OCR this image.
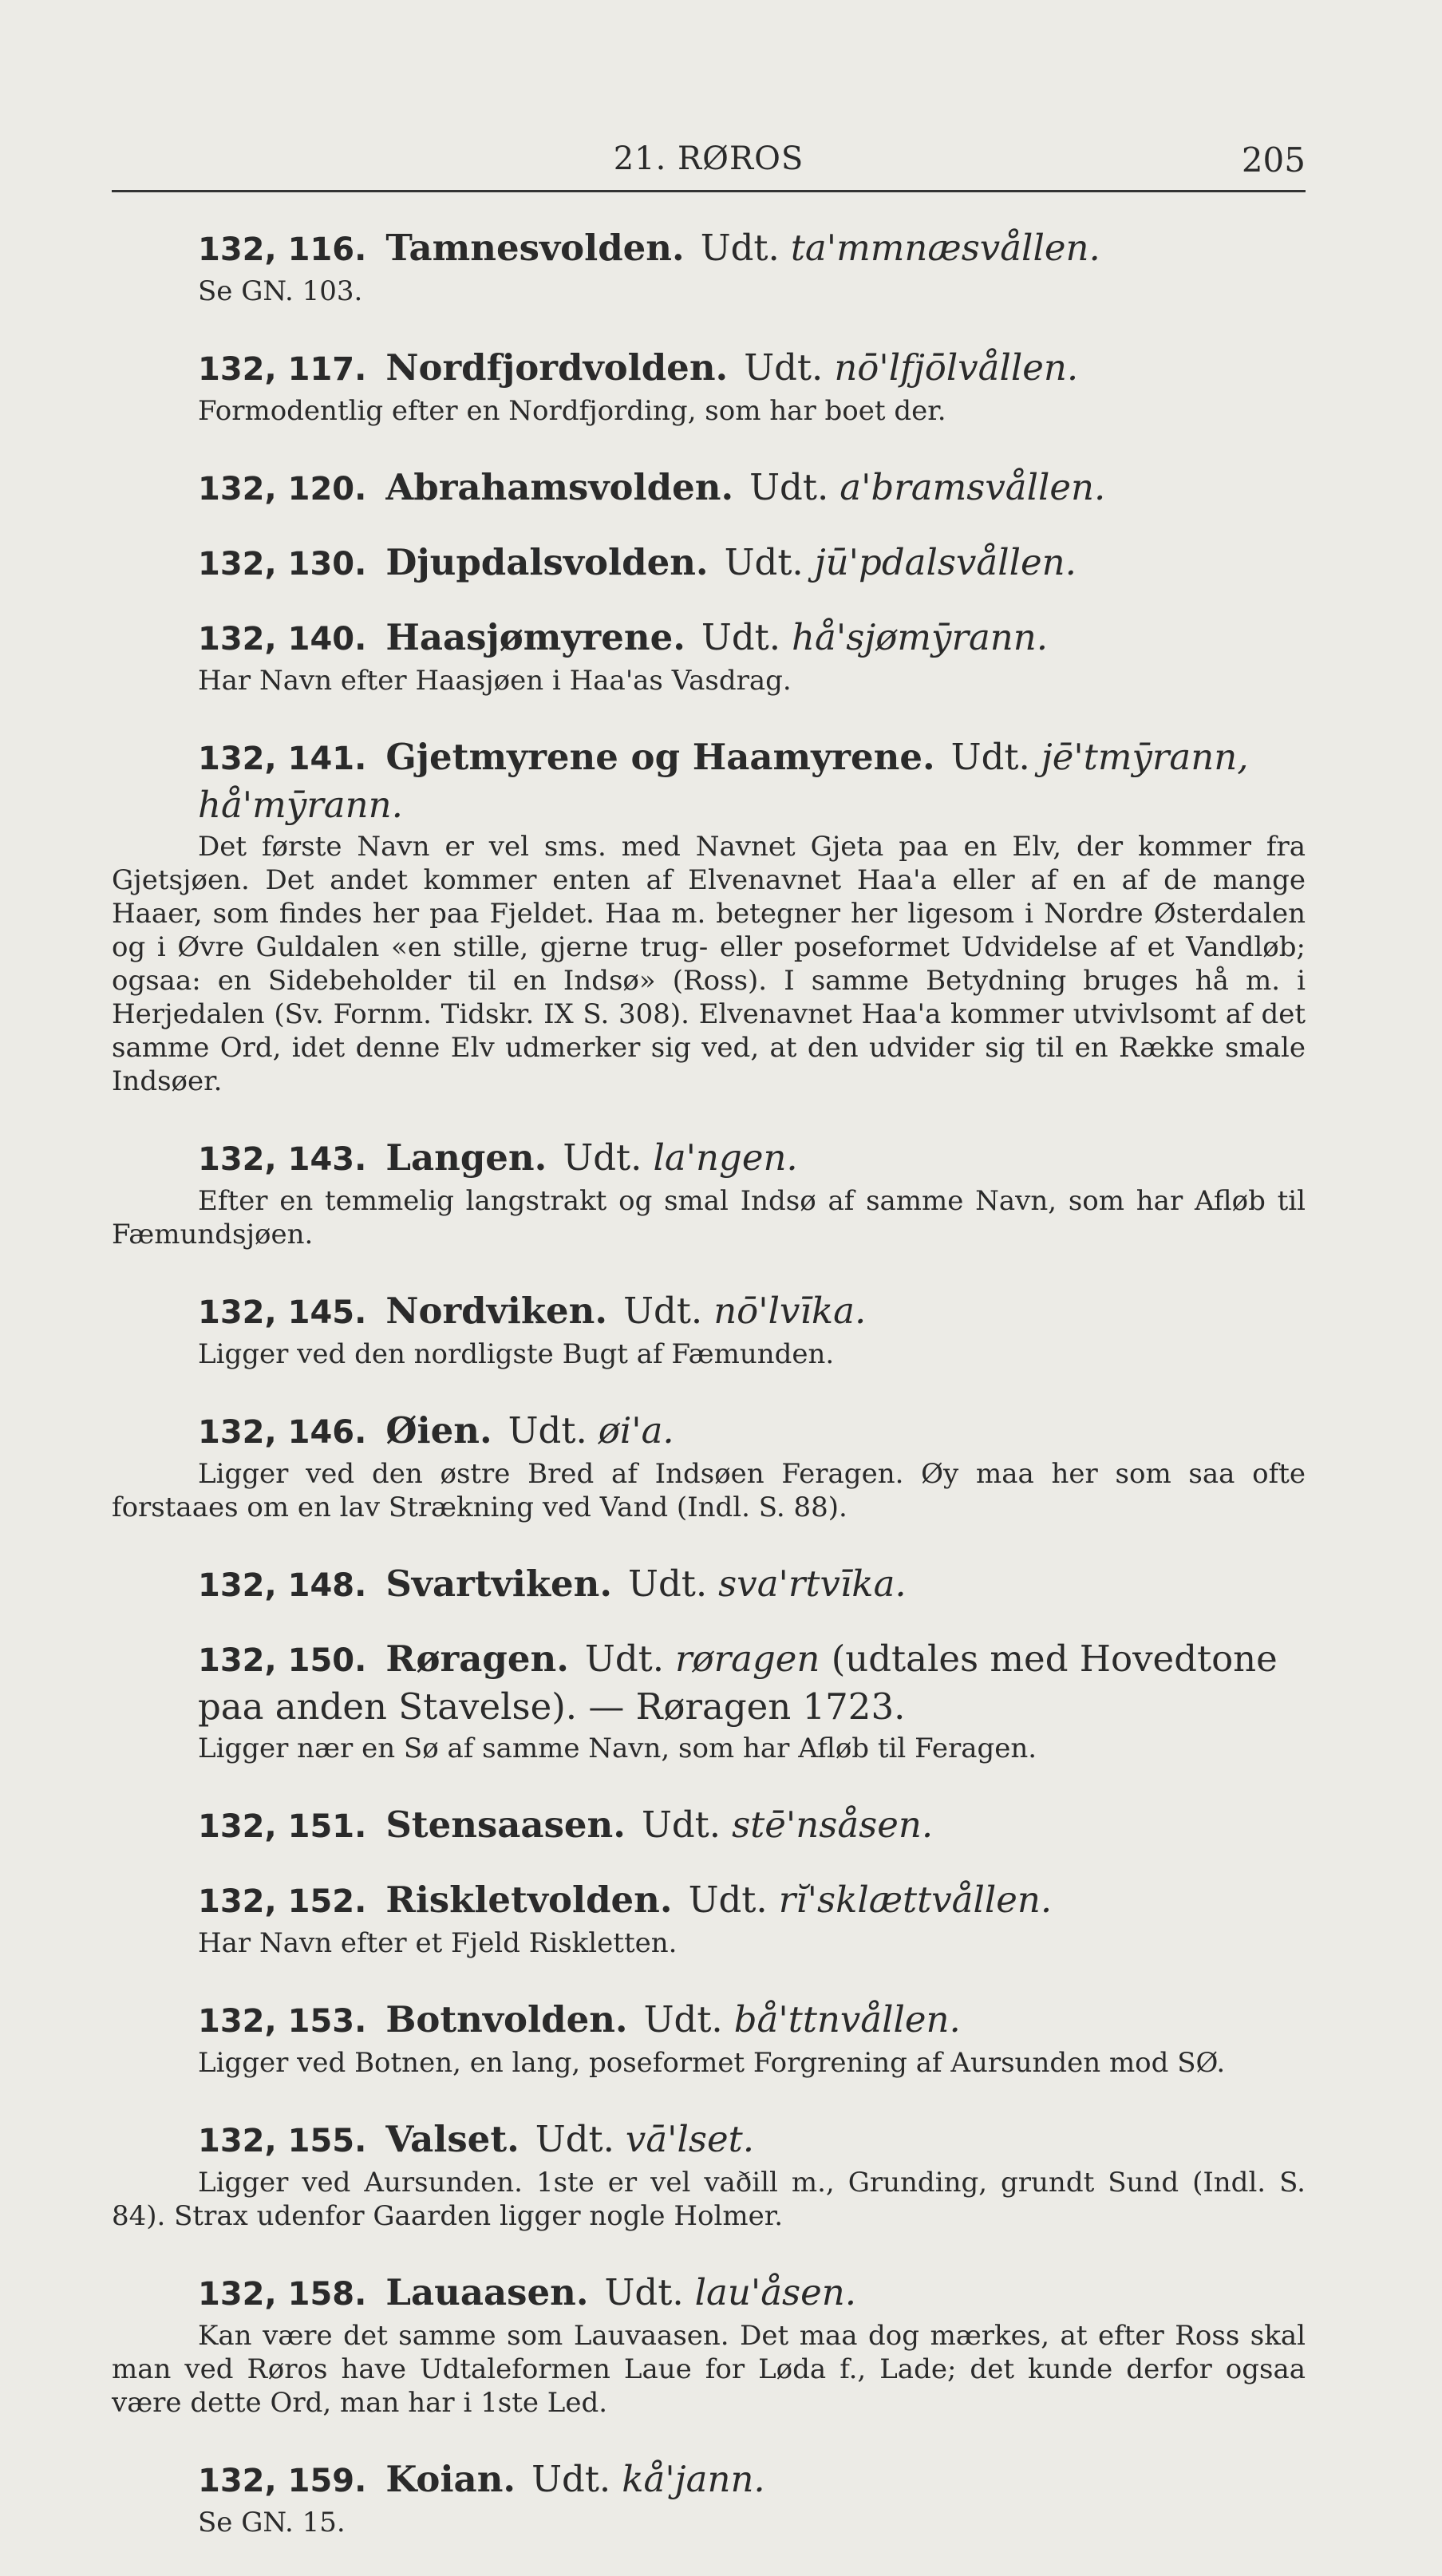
21. RØROS	205
132, 116. Tamnesvolden. Udt. ta'mmnæsvållen.
Se GN. 103.
132, 117. Nordfjordvolden. Udt. nō'lfjōlvållen.
Formodentlig efter en Nordfjording, som har boet der.
132, 120. Abrahamsvolden. Udt. a'bramsvållen.
132, 130. Djupdalsvolden. Udt. jū'pdalsvållen.
132, 140. Haasjømyrene. Udt. hå'sjømȳrann.
Har Navn efter Haasjøen i Haa'as Vasdrag.
132, 141. Gjetmyrene og Haamyrene. Udt. jē'tmȳrann, hå'mȳrann.
Det første Navn er vel sms. med Navnet Gjeta paa en Elv, der kommer fra Gjetsjøen. Det andet kommer enten af Elvenavnet Haa'a eller af en af de mange Haaer, som findes her paa Fjeldet. Haa m. betegner her ligesom i Nordre Østerdalen og i Øvre Guldalen «en stille, gjerne trug- eller poseformet Udvidelse af et Vandløb; ogsaa: en Sidebeholder til en Indsø» (Ross). I samme Betydning bruges hå m. i Herjedalen (Sv. Fornm. Tidskr. IX S. 308). Elvenavnet Haa'a kommer utvivlsomt af det samme Ord, idet denne Elv udmerker sig ved, at den udvider sig til en Række smale Indsøer.
132, 143. Langen. Udt. la'ngen.
Efter en temmelig langstrakt og smal Indsø af samme Navn, som har Afløb til Fæmundsjøen.
132, 145. Nordviken. Udt. nō'lvīka.
Ligger ved den nordligste Bugt af Fæmunden.
132, 146. Øien. Udt. øi'a.
Ligger ved den østre Bred af Indsøen Feragen. Øy maa her som saa ofte forstaaes om en lav Strækning ved Vand (Indl. S. 88).
132, 148. Svartviken. Udt. sva'rtvīka.
132, 150. Røragen. Udt. røragen (udtales med Hovedtone paa anden Stavelse). — Røragen 1723.
Ligger nær en Sø af samme Navn, som har Afløb til Feragen.
132, 151. Stensaasen. Udt. stē'nsåsen.
132, 152. Riskletvolden. Udt. rĭ'sklættvållen.
Har Navn efter et Fjeld Riskletten.
132, 153. Botnvolden. Udt. bå'ttnvållen.
Ligger ved Botnen, en lang, poseformet Forgrening af Aursunden mod SØ.
132, 155. Valset. Udt. vā'lset.
Ligger ved Aursunden. 1ste er vel vaðill m., Grunding, grundt Sund (Indl. S. 84). Strax udenfor Gaarden ligger nogle Holmer.
132, 158. Lauaasen. Udt. lau'åsen.
Kan være det samme som Lauvaasen. Det maa dog mærkes, at efter Ross skal man ved Røros have Udtaleformen Laue for Løda f., Lade; det kunde derfor ogsaa være dette Ord, man har i 1ste Led.
132, 159. Koian. Udt. kå'jann.
Se GN. 15.
